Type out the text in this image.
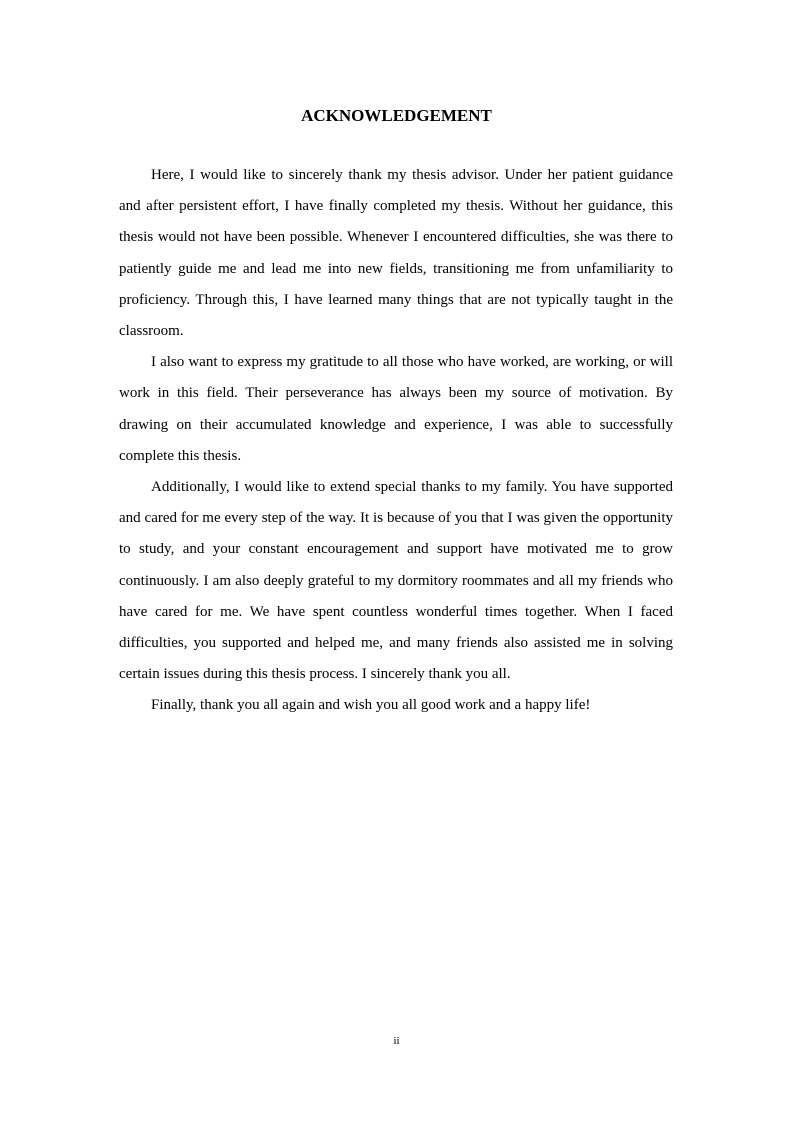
ACKNOWLEDGEMENT

Here, I would like to sincerely thank my thesis advisor. Under her patient guidance and after persistent effort, I have finally completed my thesis. Without her guidance, this thesis would not have been possible. Whenever I encountered difficulties, she was there to patiently guide me and lead me into new fields, transitioning me from unfamiliarity to proficiency. Through this, I have learned many things that are not typically taught in the classroom.

I also want to express my gratitude to all those who have worked, are working, or will work in this field. Their perseverance has always been my source of motivation. By drawing on their accumulated knowledge and experience, I was able to successfully complete this thesis.

Additionally, I would like to extend special thanks to my family. You have supported and cared for me every step of the way. It is because of you that I was given the opportunity to study, and your constant encouragement and support have motivated me to grow continuously. I am also deeply grateful to my dormitory roommates and all my friends who have cared for me. We have spent countless wonderful times together. When I faced difficulties, you supported and helped me, and many friends also assisted me in solving certain issues during this thesis process. I sincerely thank you all.

Finally, thank you all again and wish you all good work and a happy life!

ii
